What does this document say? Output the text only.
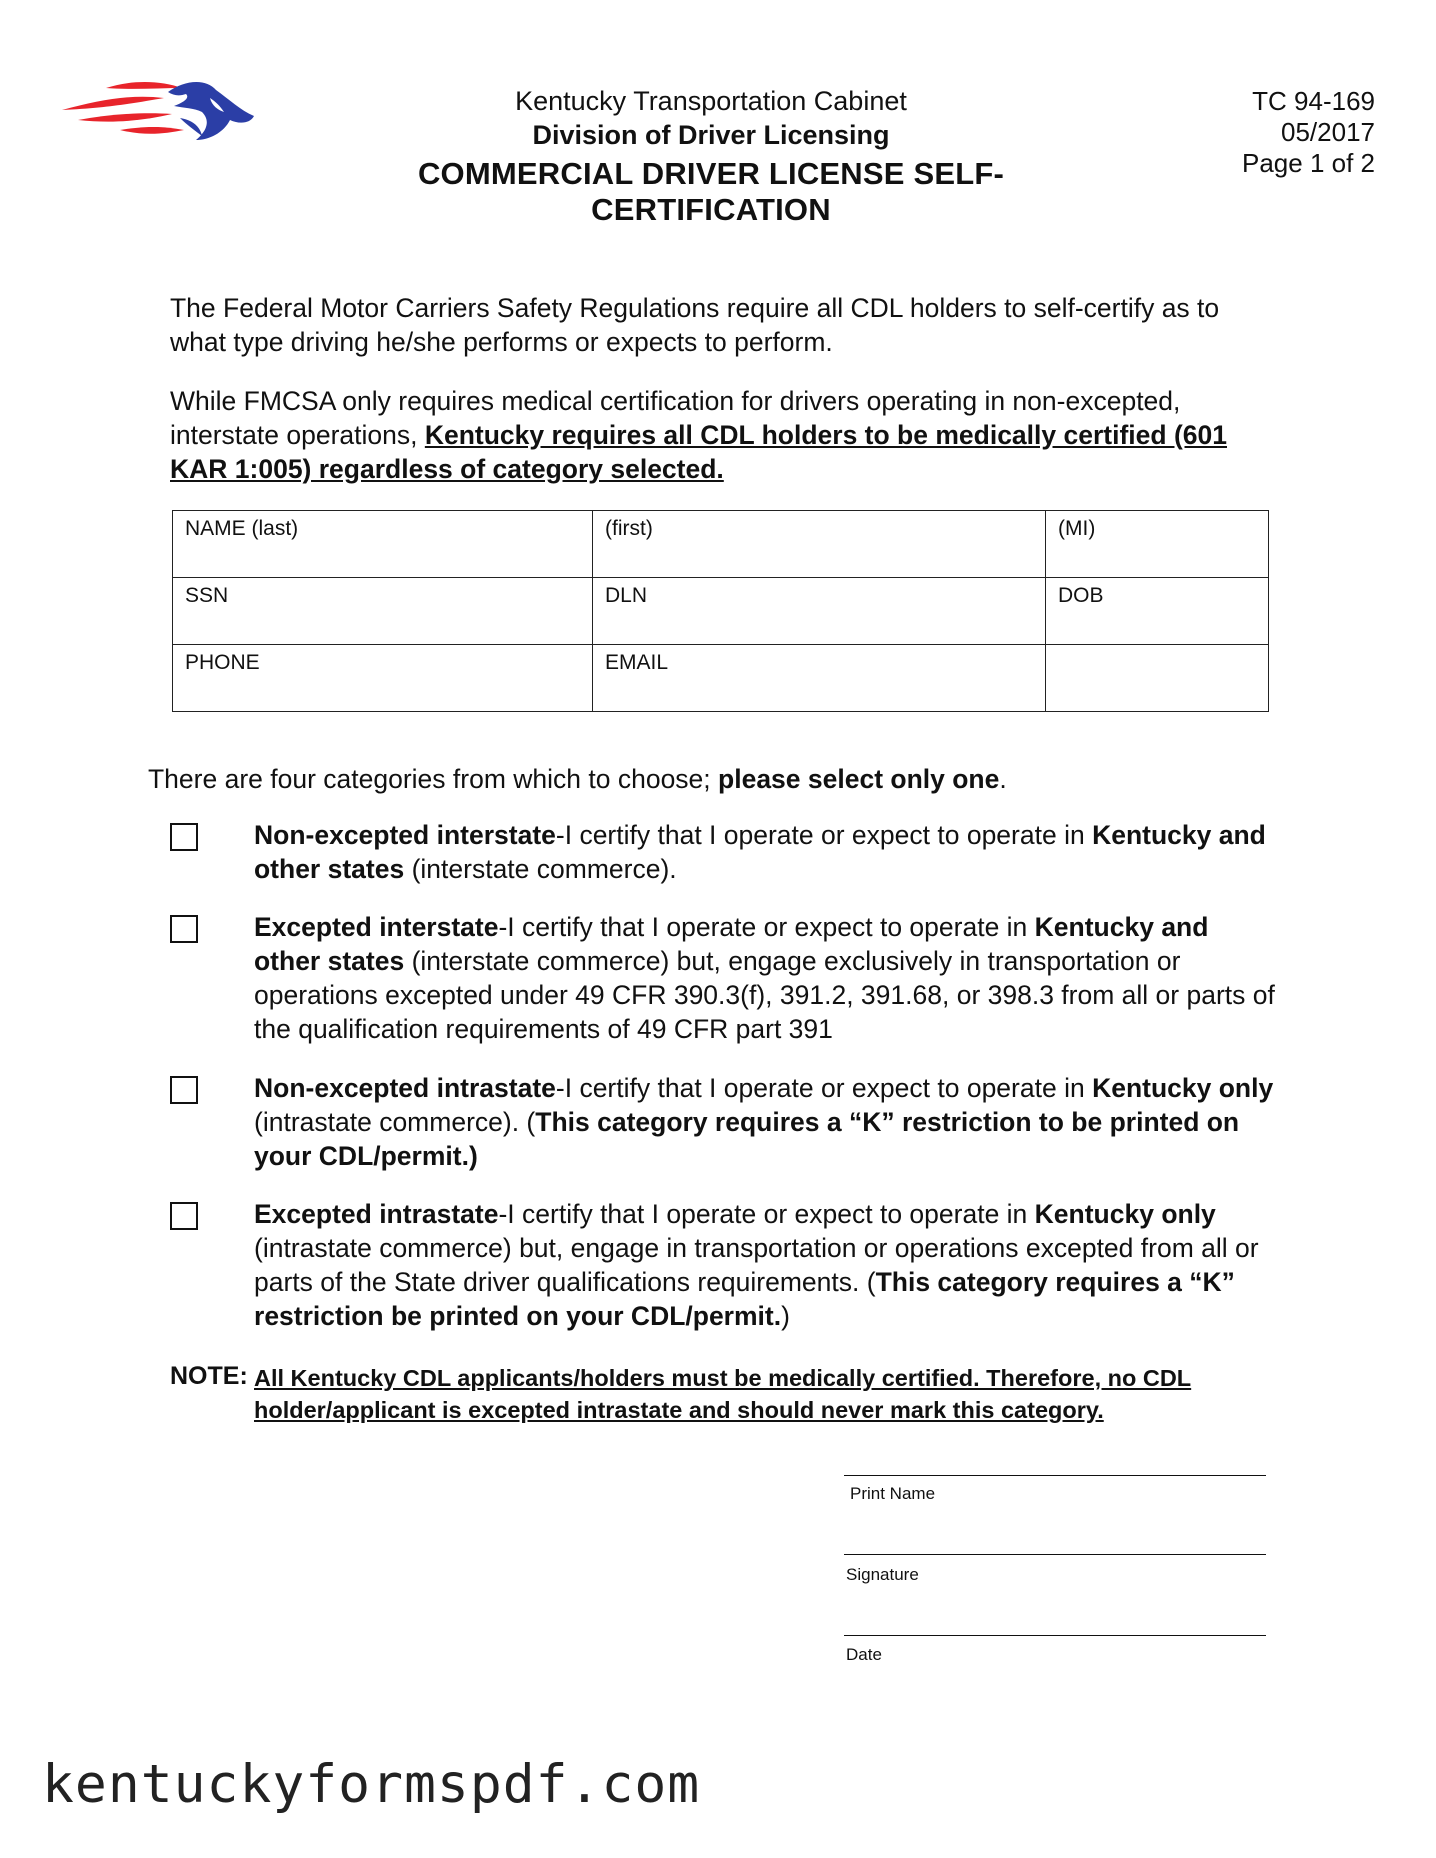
Kentucky Transportation Cabinet
Division of Driver Licensing
COMMERCIAL DRIVER LICENSE SELF-CERTIFICATION
TC 94-169
05/2017
Page 1 of 2
The Federal Motor Carriers Safety Regulations require all CDL holders to self-certify as to what type driving he/she performs or expects to perform.
While FMCSA only requires medical certification for drivers operating in non-excepted, interstate operations, Kentucky requires all CDL holders to be medically certified (601 KAR 1:005) regardless of category selected.
NAME (last)	(first)	(MI)
SSN	DLN	DOB
PHONE	EMAIL	
There are four categories from which to choose; please select only one.
Non-excepted interstate-I certify that I operate or expect to operate in Kentucky and other states (interstate commerce).
Excepted interstate-I certify that I operate or expect to operate in Kentucky and other states (interstate commerce) but, engage exclusively in transportation or operations excepted under 49 CFR 390.3(f), 391.2, 391.68, or 398.3 from all or parts of the qualification requirements of 49 CFR part 391
Non-excepted intrastate-I certify that I operate or expect to operate in Kentucky only (intrastate commerce). (This category requires a “K” restriction to be printed on your CDL/permit.)
Excepted intrastate-I certify that I operate or expect to operate in Kentucky only (intrastate commerce) but, engage in transportation or operations excepted from all or parts of the State driver qualifications requirements. (This category requires a “K” restriction be printed on your CDL/permit.)
NOTE: All Kentucky CDL applicants/holders must be medically certified. Therefore, no CDL holder/applicant is excepted intrastate and should never mark this category.
Print Name
Signature
Date
kentuckyformspdf.com
